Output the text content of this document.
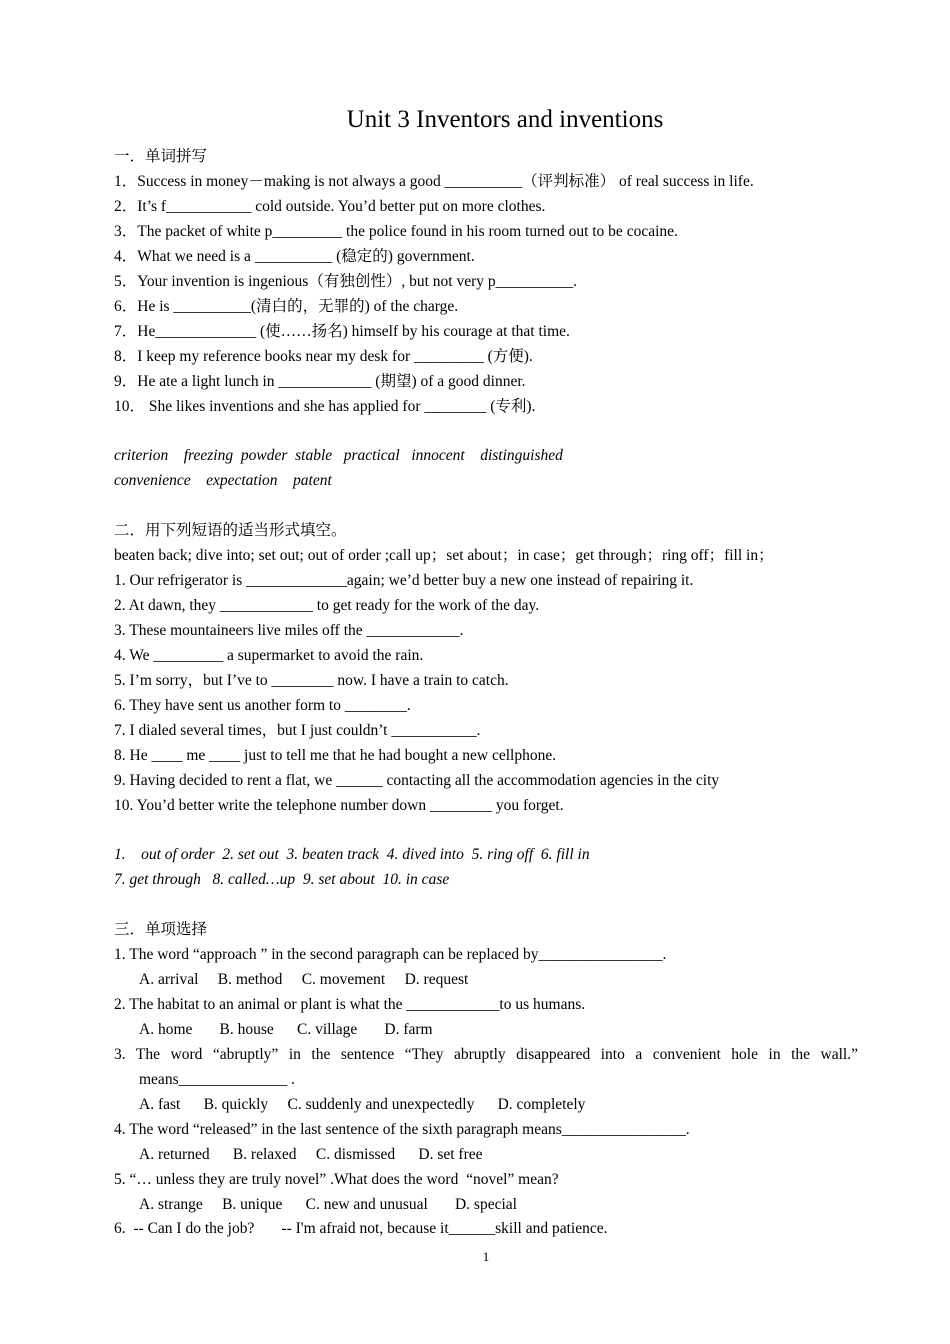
Unit 3 Inventors and inventions
一．单词拼写
1．Success in money－making is not always a good __________（评判标准） of real success in life.
2．It’s f___________ cold outside. You’d better put on more clothes.
3．The packet of white p_________ the police found in his room turned out to be cocaine.
4．What we need is a __________ (稳定的) government.
5．Your invention is ingenious（有独创性）, but not very p__________.
6．He is __________(清白的，无罪的) of the charge.
7．He_____________ (使……扬名) himself by his courage at that time.
8．I keep my reference books near my desk for _________ (方便).
9．He ate a light lunch in ____________ (期望) of a good dinner.
10． She likes inventions and she has applied for ________ (专利).
criterion    freezing  powder  stable   practical   innocent    distinguished
convenience    expectation    patent
二．用下列短语的适当形式填空。
beaten back; dive into; set out; out of order ;call up；set about；in case；get through；ring off；fill in；
1. Our refrigerator is _____________again; we’d better buy a new one instead of repairing it.
2. At dawn, they ____________ to get ready for the work of the day.
3. These mountaineers live miles off the ____________.
4. We _________ a supermarket to avoid the rain.
5. I’m sorry，but I’ve to ________ now. I have a train to catch.
6. They have sent us another form to ________.
7. I dialed several times，but I just couldn’t ___________.
8. He ____ me ____ just to tell me that he had bought a new cellphone.
9. Having decided to rent a flat, we ______ contacting all the accommodation agencies in the city
10. You’d better write the telephone number down ________ you forget.
1.    out of order  2. set out  3. beaten track  4. dived into  5. ring off  6. fill in
7. get through   8. called…up  9. set about  10. in case
三．单项选择
1. The word “approach ” in the second paragraph can be replaced by________________.
A. arrival     B. method     C. movement     D. request
2. The habitat to an animal or plant is what the ____________to us humans.
A. home       B. house      C. village       D. farm
3. The word “abruptly” in the sentence “They abruptly disappeared into a convenient hole in the wall.”
means______________ .
A. fast      B. quickly     C. suddenly and unexpectedly      D. completely
4. The word “released” in the last sentence of the sixth paragraph means________________.
A. returned      B. relaxed     C. dismissed      D. set free
5. “… unless they are truly novel” .What does the word  “novel” mean?
A. strange     B. unique      C. new and unusual       D. special
6.  -- Can I do the job?       -- I'm afraid not, because it______skill and patience.
1
